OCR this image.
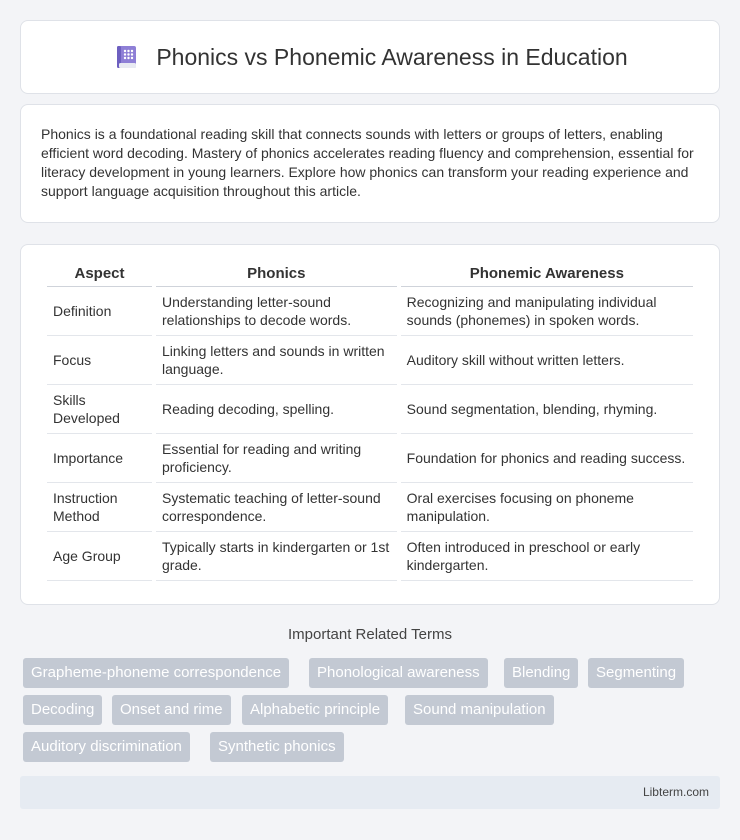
Phonics vs Phonemic Awareness in Education

Phonics is a foundational reading skill that connects sounds with letters or groups of letters, enabling efficient word decoding. Mastery of phonics accelerates reading fluency and comprehension, essential for literacy development in young learners. Explore how phonics can transform your reading experience and support language acquisition throughout this article.

Aspect	Phonics	Phonemic Awareness
Definition	Understanding letter-sound relationships to decode words.	Recognizing and manipulating individual sounds (phonemes) in spoken words.
Focus	Linking letters and sounds in written language.	Auditory skill without written letters.
Skills Developed	Reading decoding, spelling.	Sound segmentation, blending, rhyming.
Importance	Essential for reading and writing proficiency.	Foundation for phonics and reading success.
Instruction Method	Systematic teaching of letter-sound correspondence.	Oral exercises focusing on phoneme manipulation.
Age Group	Typically starts in kindergarten or 1st grade.	Often introduced in preschool or early kindergarten.
Important Related Terms
Grapheme-phoneme correspondence	Phonological awareness	Blending	Segmenting
Decoding	Onset and rime	Alphabetic principle	Sound manipulation
Auditory discrimination	Synthetic phonics
Libterm.com
